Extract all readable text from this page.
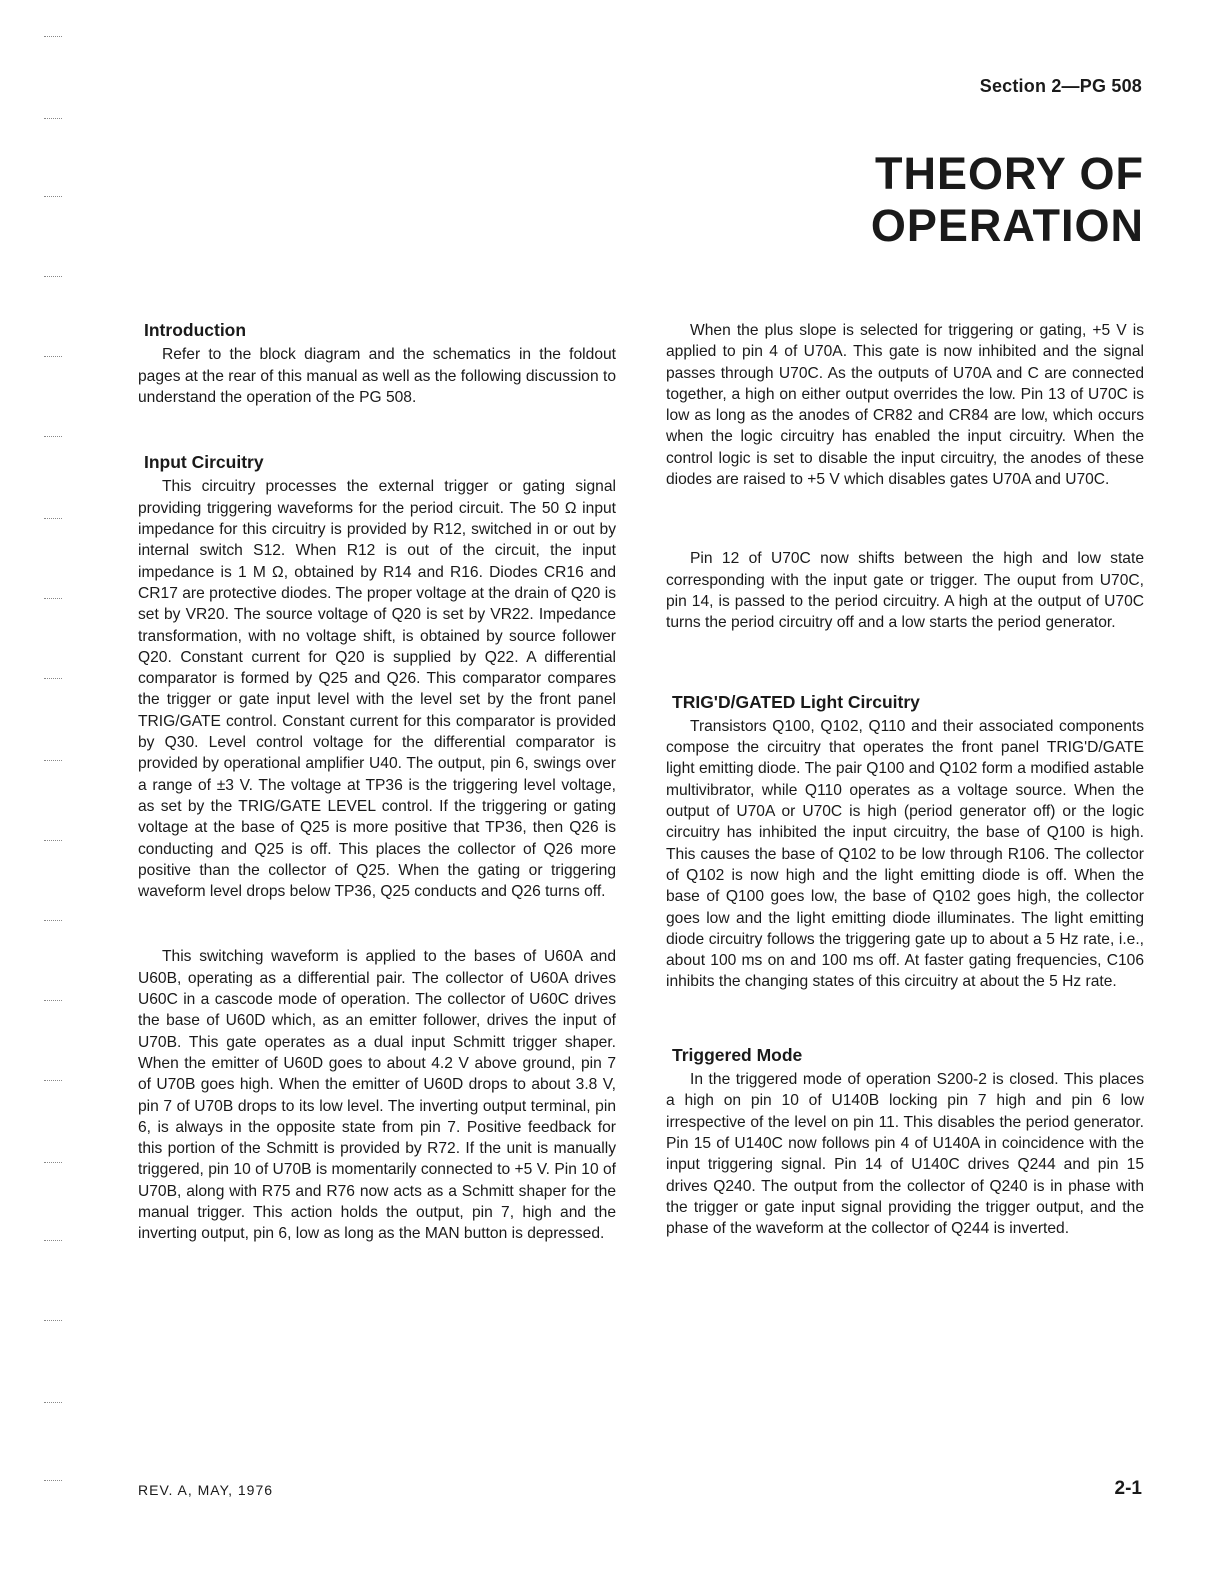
Section 2—PG 508
THEORY OF
OPERATION
Introduction

Refer to the block diagram and the schematics in the foldout pages at the rear of this manual as well as the following discussion to understand the operation of the PG 508.

Input Circuitry

This circuitry processes the external trigger or gating signal providing triggering waveforms for the period circuit. The 50 Ω input impedance for this circuitry is provided by R12, switched in or out by internal switch S12. When R12 is out of the circuit, the input impedance is 1 M Ω, obtained by R14 and R16. Diodes CR16 and CR17 are protective diodes. The proper voltage at the drain of Q20 is set by VR20. The source voltage of Q20 is set by VR22. Impedance transformation, with no voltage shift, is obtained by source follower Q20. Constant current for Q20 is supplied by Q22. A differential comparator is formed by Q25 and Q26. This comparator compares the trigger or gate input level with the level set by the front panel TRIG/GATE control. Constant current for this comparator is provided by Q30. Level control voltage for the differential comparator is provided by operational amplifier U40. The output, pin 6, swings over a range of ±3 V. The voltage at TP36 is the triggering level voltage, as set by the TRIG/GATE LEVEL control. If the triggering or gating voltage at the base of Q25 is more positive that TP36, then Q26 is conducting and Q25 is off. This places the collector of Q26 more positive than the collector of Q25. When the gating or triggering waveform level drops below TP36, Q25 conducts and Q26 turns off.

This switching waveform is applied to the bases of U60A and U60B, operating as a differential pair. The collector of U60A drives U60C in a cascode mode of operation. The collector of U60C drives the base of U60D which, as an emitter follower, drives the input of U70B. This gate operates as a dual input Schmitt trigger shaper. When the emitter of U60D goes to about 4.2 V above ground, pin 7 of U70B goes high. When the emitter of U60D drops to about 3.8 V, pin 7 of U70B drops to its low level. The inverting output terminal, pin 6, is always in the opposite state from pin 7. Positive feedback for this portion of the Schmitt is provided by R72. If the unit is manually triggered, pin 10 of U70B is momentarily connected to +5 V. Pin 10 of U70B, along with R75 and R76 now acts as a Schmitt shaper for the manual trigger. This action holds the output, pin 7, high and the inverting output, pin 6, low as long as the MAN button is depressed.

When the plus slope is selected for triggering or gating, +5 V is applied to pin 4 of U70A. This gate is now inhibited and the signal passes through U70C. As the outputs of U70A and C are connected together, a high on either output overrides the low. Pin 13 of U70C is low as long as the anodes of CR82 and CR84 are low, which occurs when the logic circuitry has enabled the input circuitry. When the control logic is set to disable the input circuitry, the anodes of these diodes are raised to +5 V which disables gates U70A and U70C.

Pin 12 of U70C now shifts between the high and low state corresponding with the input gate or trigger. The ouput from U70C, pin 14, is passed to the period circuitry. A high at the output of U70C turns the period circuitry off and a low starts the period generator.

TRIG'D/GATED Light Circuitry

Transistors Q100, Q102, Q110 and their associated components compose the circuitry that operates the front panel TRIG'D/GATE light emitting diode. The pair Q100 and Q102 form a modified astable multivibrator, while Q110 operates as a voltage source. When the output of U70A or U70C is high (period generator off) or the logic circuitry has inhibited the input circuitry, the base of Q100 is high. This causes the base of Q102 to be low through R106. The collector of Q102 is now high and the light emitting diode is off. When the base of Q100 goes low, the base of Q102 goes high, the collector goes low and the light emitting diode illuminates. The light emitting diode circuitry follows the triggering gate up to about a 5 Hz rate, i.e., about 100 ms on and 100 ms off. At faster gating frequencies, C106 inhibits the changing states of this circuitry at about the 5 Hz rate.

Triggered Mode

In the triggered mode of operation S200-2 is closed. This places a high on pin 10 of U140B locking pin 7 high and pin 6 low irrespective of the level on pin 11. This disables the period generator. Pin 15 of U140C now follows pin 4 of U140A in coincidence with the input triggering signal. Pin 14 of U140C drives Q244 and pin 15 drives Q240. The output from the collector of Q240 is in phase with the trigger or gate input signal providing the trigger output, and the phase of the waveform at the collector of Q244 is inverted.

REV. A, MAY, 1976	2-1
